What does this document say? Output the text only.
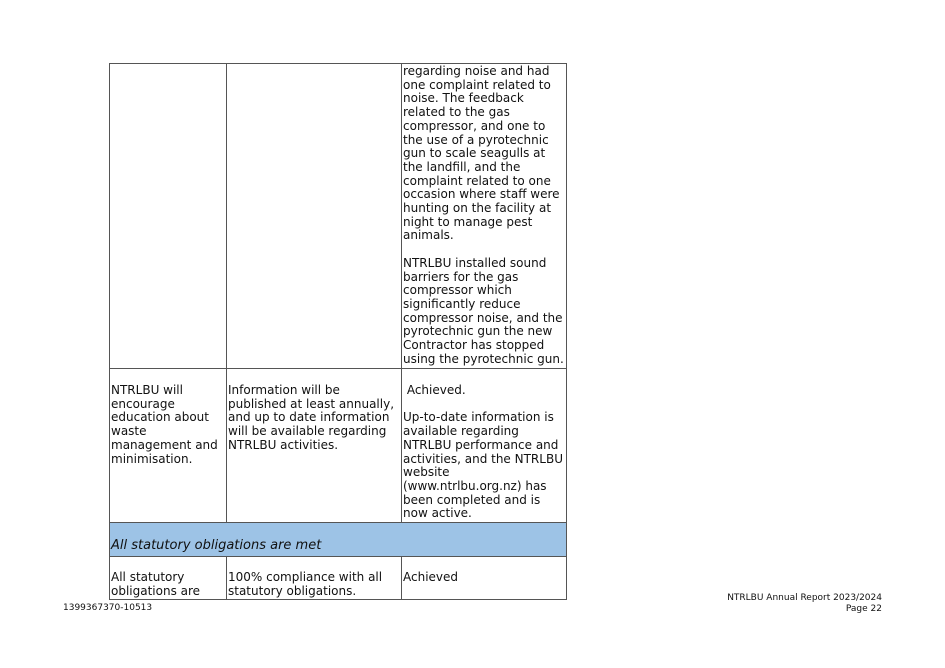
		regarding noise and had one complaint related to noise. The feedback related to the gas compressor, and one to the use of a pyrotechnic gun to scale seagulls at the landfill, and the complaint related to one occasion where staff were hunting on the facility at night to manage pest animals.

NTRLBU installed sound barriers for the gas compressor which significantly reduce compressor noise, and the pyrotechnic gun the new Contractor has stopped using the pyrotechnic gun.

NTRLBU will encourage education about waste management and minimisation.	Information will be published at least annually, and up to date information will be available regarding NTRLBU activities.	Achieved.

Up-to-date information is available regarding NTRLBU performance and activities, and the NTRLBU website (www.ntrlbu.org.nz) has been completed and is now active.

All statutory obligations are met		

All statutory obligations are	100% compliance with all statutory obligations.	Achieved

1399367370-10513
NTRLBU Annual Report 2023/2024
Page 22
